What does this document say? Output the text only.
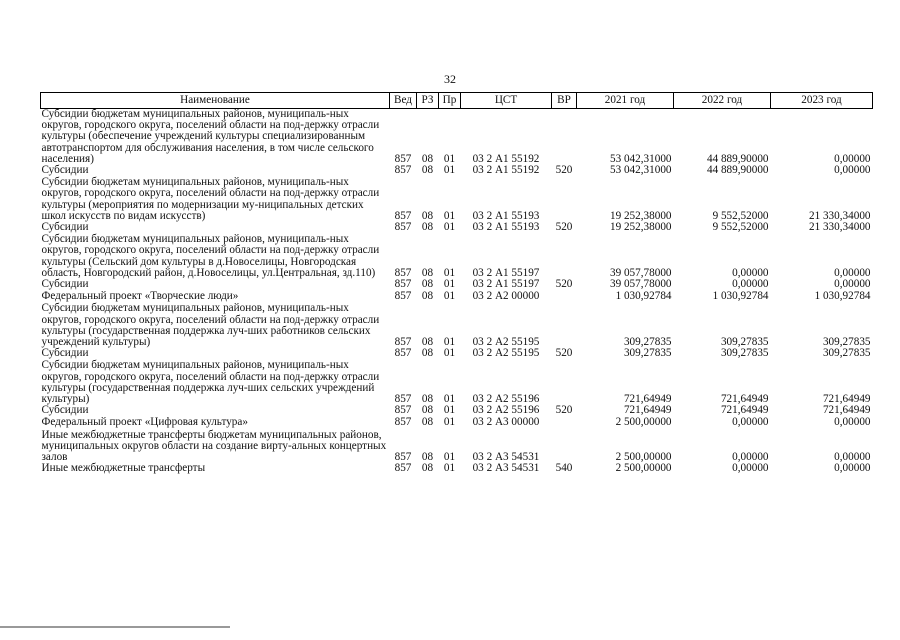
32
Наименование	Вед	РЗ	Пр	ЦСТ	ВР	2021 год	2022 год	2023 год
Субсидии бюджетам муниципальных районов, муниципаль-ных округов, городского округа, поселений области на под-держку отрасли культуры (обеспечение учреждений культуры специализированным автотранспортом для обслуживания населения, в том числе сельского населения)	857	08	01	03 2 А1 55192		53 042,31000	44 889,90000	0,00000
Субсидии	857	08	01	03 2 А1 55192	520	53 042,31000	44 889,90000	0,00000
Субсидии бюджетам муниципальных районов, муниципаль-ных округов, городского округа, поселений области на под-держку отрасли культуры (мероприятия по модернизации му-ниципальных детских школ искусств по видам искусств)	857	08	01	03 2 А1 55193		19 252,38000	9 552,52000	21 330,34000
Субсидии	857	08	01	03 2 А1 55193	520	19 252,38000	9 552,52000	21 330,34000
Субсидии бюджетам муниципальных районов, муниципаль-ных округов, городского округа, поселений области на под-держку отрасли культуры (Сельский дом культуры в д.Новоселицы, Новгородская область, Новгородский район, д.Новоселицы, ул.Центральная, зд.110)	857	08	01	03 2 А1 55197		39 057,78000	0,00000	0,00000
Субсидии	857	08	01	03 2 А1 55197	520	39 057,78000	0,00000	0,00000
Федеральный проект «Творческие люди»	857	08	01	03 2 А2 00000		1 030,92784	1 030,92784	1 030,92784
Субсидии бюджетам муниципальных районов, муниципаль-ных округов, городского округа, поселений области на под-держку отрасли культуры (государственная поддержка луч-ших работников сельских учреждений культуры)	857	08	01	03 2 А2 55195		309,27835	309,27835	309,27835
Субсидии	857	08	01	03 2 А2 55195	520	309,27835	309,27835	309,27835
Субсидии бюджетам муниципальных районов, муниципаль-ных округов, городского округа, поселений области на под-держку отрасли культуры (государственная поддержка луч-ших сельских учреждений культуры)	857	08	01	03 2 А2 55196		721,64949	721,64949	721,64949
Субсидии	857	08	01	03 2 А2 55196	520	721,64949	721,64949	721,64949
Федеральный проект «Цифровая культура»	857	08	01	03 2 А3 00000		2 500,00000	0,00000	0,00000
Иные межбюджетные трансферты бюджетам муниципальных районов, муниципальных округов области на создание вирту-альных концертных залов	857	08	01	03 2 А3 54531		2 500,00000	0,00000	0,00000
Иные межбюджетные трансферты	857	08	01	03 2 А3 54531	540	2 500,00000	0,00000	0,00000
